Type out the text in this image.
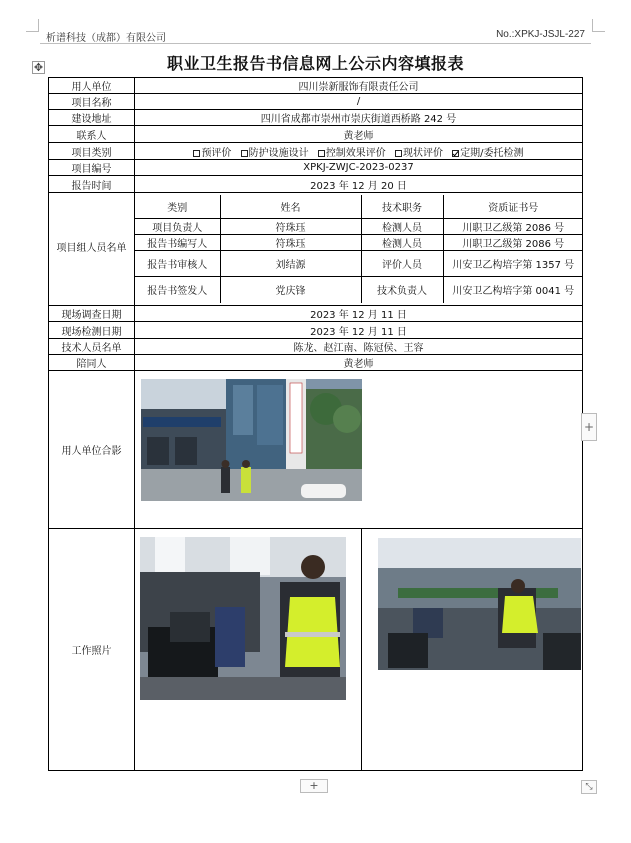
析谱科技（成都）有限公司	No.:XPKJ-JSJL-227
✥	职业卫生报告书信息网上公示内容填报表
用人单位	四川崇新服饰有限责任公司
项目名称	/
建设地址	四川省成都市崇州市崇庆街道西桥路 242 号
联系人	黄老师
项目类别	预评价 防护设施设计 控制效果评价 现状评价 定期/委托检测
项目编号	XPKJ-ZWJC-2023-0237
报告时间	2023 年 12 月 20 日
项目组人员名单	
类别	姓名	技术职务	资质证书号
项目负责人	符珠珏	检测人员	川职卫乙级第 2086 号
报告书编写人	符珠珏	检测人员	川职卫乙级第 2086 号
报告书审核人	刘结源	评价人员	川安卫乙构培字第 1357 号
报告书签发人	党庆锋	技术负责人	川安卫乙构培字第 0041 号

现场调查日期	2023 年 12 月 11 日
现场检测日期	2023 年 12 月 11 日
技术人员名单	陈龙、赵江南、陈冠侯、王容
陪同人	黄老师
用人单位合影	
工作照片	

+
+	⤡
